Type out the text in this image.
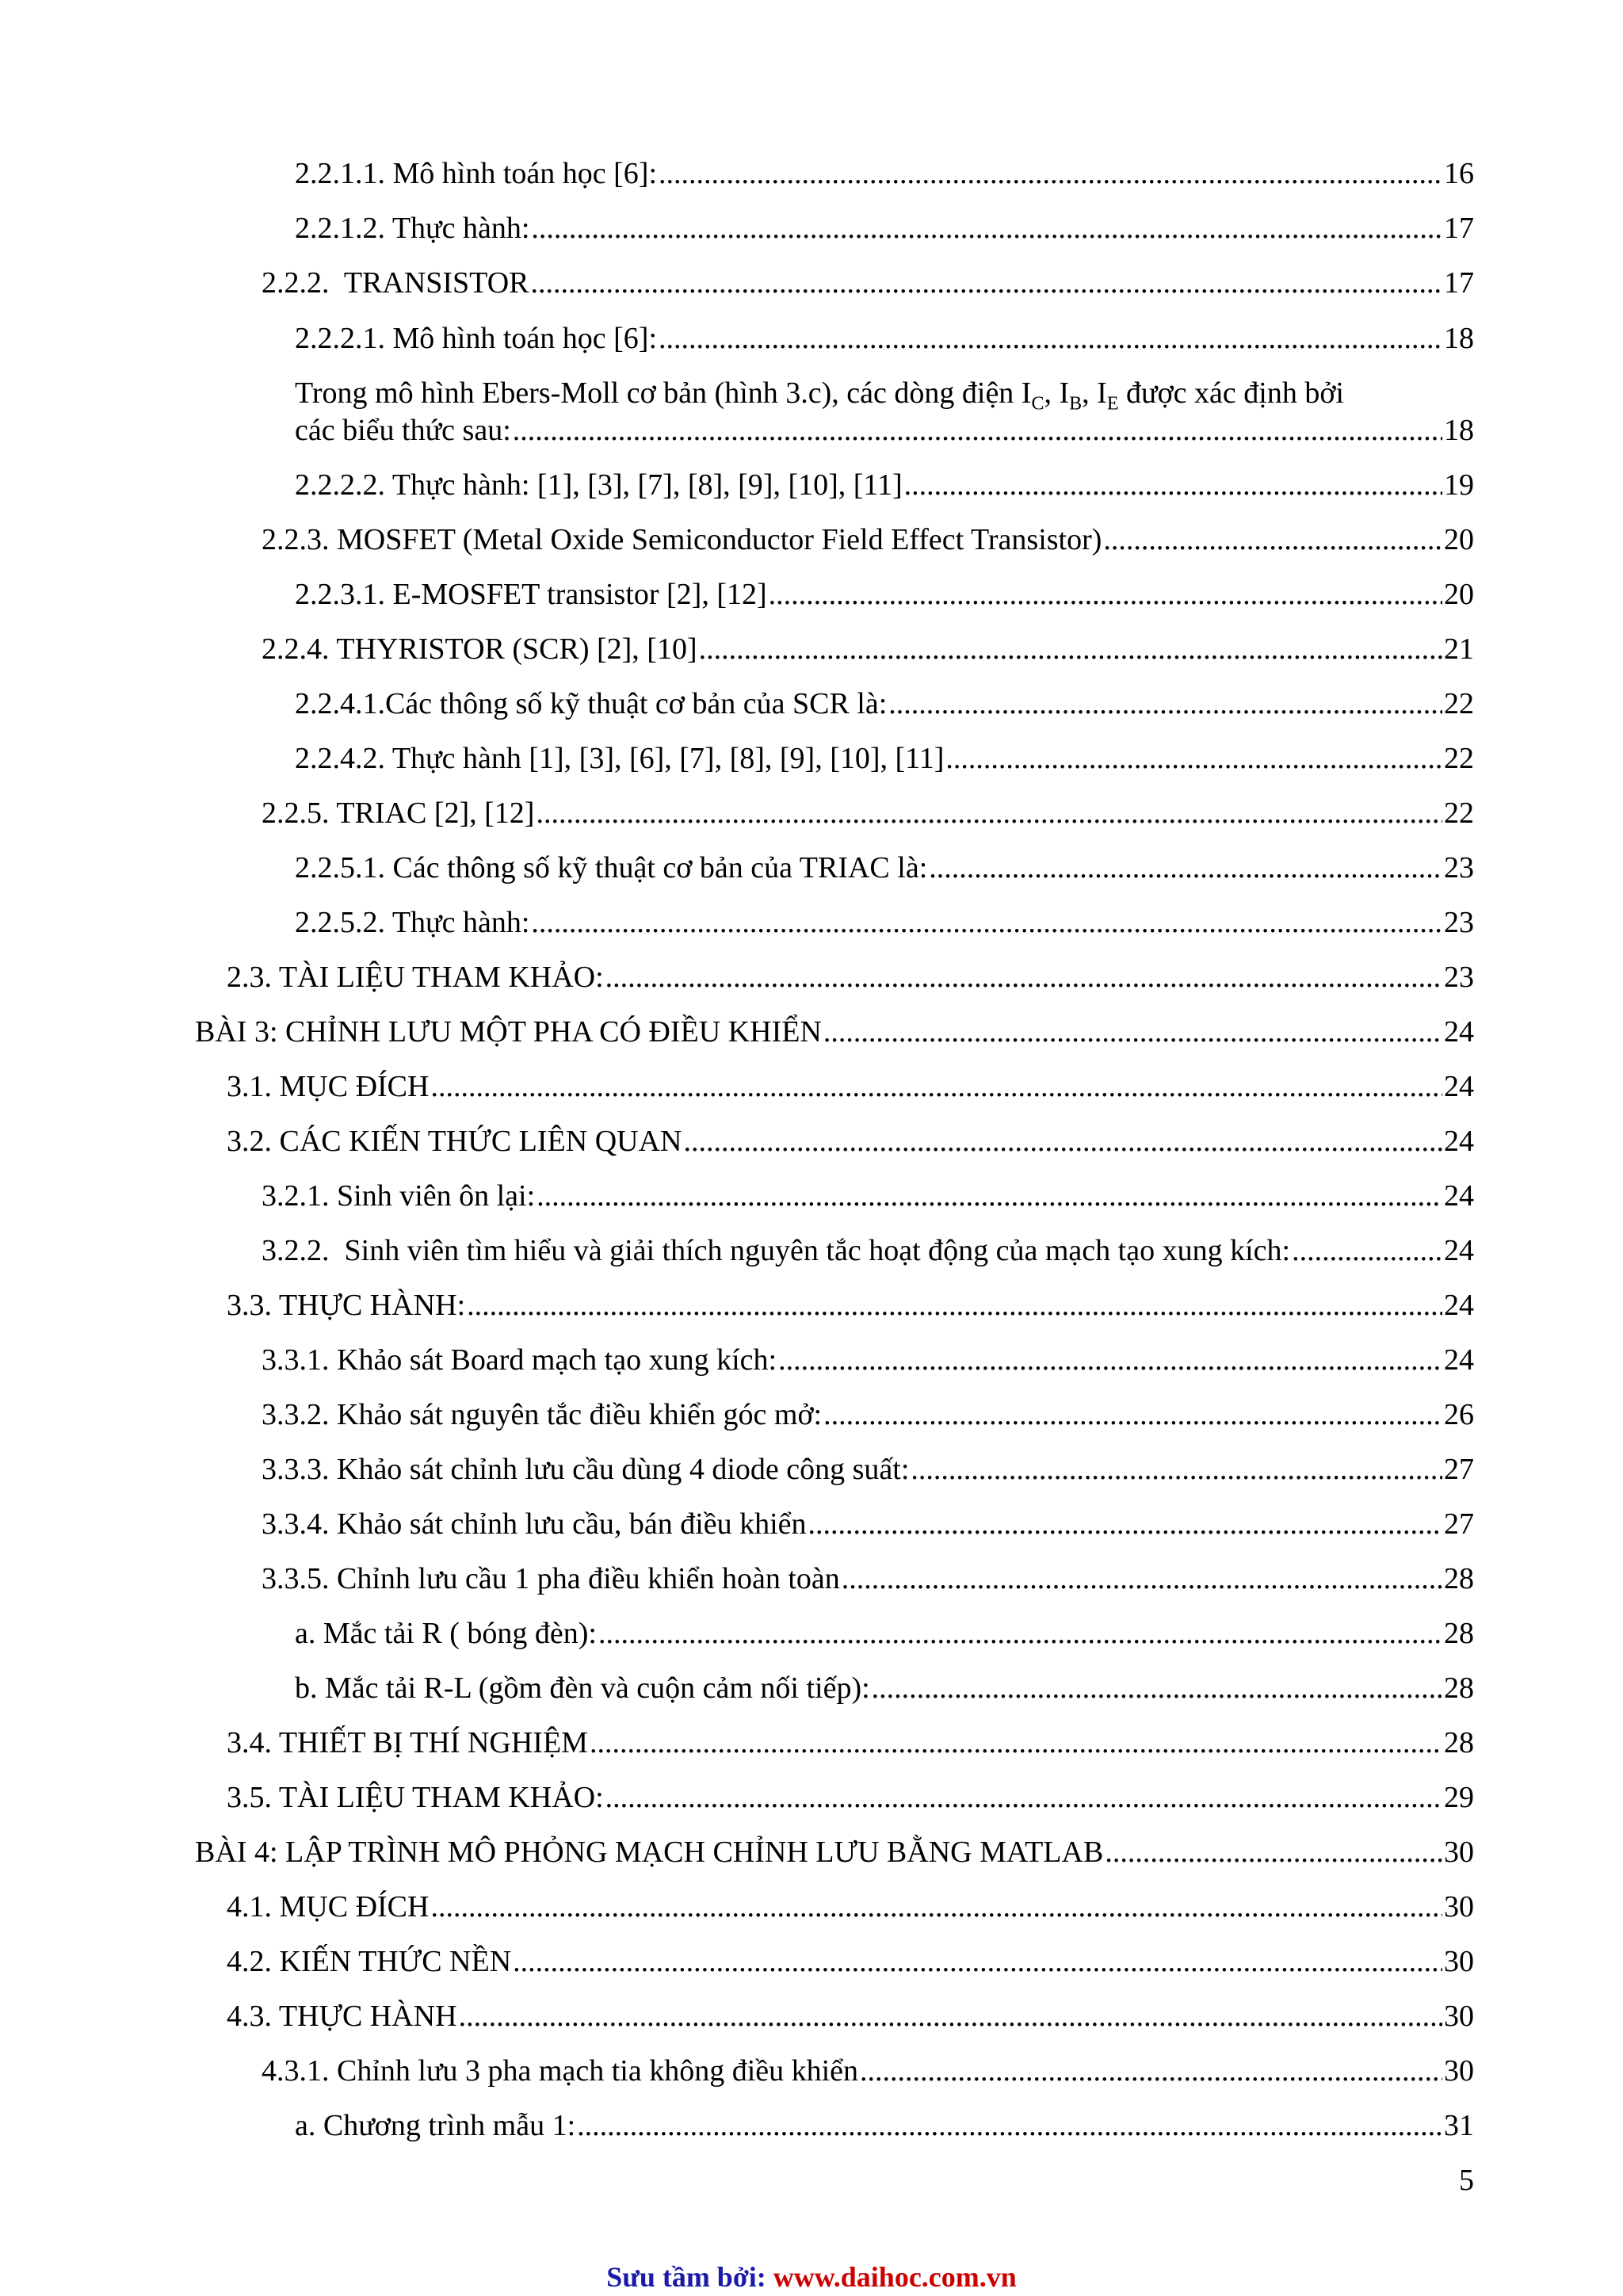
2.2.1.1. Mô hình toán học [6]: .....	16
2.2.1.2. Thực hành: .....	17
2.2.2.  TRANSISTOR .....	17
2.2.2.1. Mô hình toán học [6]: .....	18
Trong mô hình Ebers-Moll cơ bản (hình 3.c), các dòng điện $I_C$, $I_B$, $I_E$ được xác định bởi
các biểu thức sau: .....	18
2.2.2.2. Thực hành: [1], [3], [7], [8], [9], [10], [11] .....	19
2.2.3. MOSFET (Metal Oxide Semiconductor Field Effect Transistor) .....	20
2.2.3.1. E-MOSFET transistor [2], [12] .....	20
2.2.4. THYRISTOR (SCR) [2], [10] .....	21
2.2.4.1.Các thông số kỹ thuật cơ bản của SCR là: .....	22
2.2.4.2. Thực hành [1], [3], [6], [7], [8], [9], [10], [11] .....	22
2.2.5. TRIAC [2], [12] .....	22
2.2.5.1. Các thông số kỹ thuật cơ bản của TRIAC là: .....	23
2.2.5.2. Thực hành: .....	23
2.3. TÀI LIỆU THAM KHẢO: .....	23
BÀI 3: CHỈNH LƯU MỘT PHA CÓ ĐIỀU KHIỂN .....	24
3.1. MỤC ĐÍCH .....	24
3.2. CÁC KIẾN THỨC LIÊN QUAN .....	24
3.2.1. Sinh viên ôn lại: .....	24
3.2.2.  Sinh viên tìm hiểu và giải thích nguyên tắc hoạt động của mạch tạo xung kích: .....	24
3.3. THỰC HÀNH: .....	24
3.3.1. Khảo sát Board mạch tạo xung kích: .....	24
3.3.2. Khảo sát nguyên tắc điều khiển góc mở: .....	26
3.3.3. Khảo sát chỉnh lưu cầu dùng 4 diode công suất: .....	27
3.3.4. Khảo sát chỉnh lưu cầu, bán điều khiển .....	27
3.3.5. Chỉnh lưu cầu 1 pha điều khiển hoàn toàn .....	28
a. Mắc tải R ( bóng đèn): .....	28
b. Mắc tải R-L (gồm đèn và cuộn cảm nối tiếp): .....	28
3.4. THIẾT BỊ THÍ NGHIỆM .....	28
3.5. TÀI LIỆU THAM KHẢO: .....	29
BÀI 4: LẬP TRÌNH MÔ PHỎNG MẠCH CHỈNH LƯU BẰNG MATLAB .....	30
4.1. MỤC ĐÍCH .....	30
4.2. KIẾN THỨC NỀN .....	30
4.3. THỰC HÀNH .....	30
4.3.1. Chỉnh lưu 3 pha mạch tia không điều khiển .....	30
a. Chương trình mẫu 1: .....	31
5
Sưu tầm bởi: www.daihoc.com.vn
